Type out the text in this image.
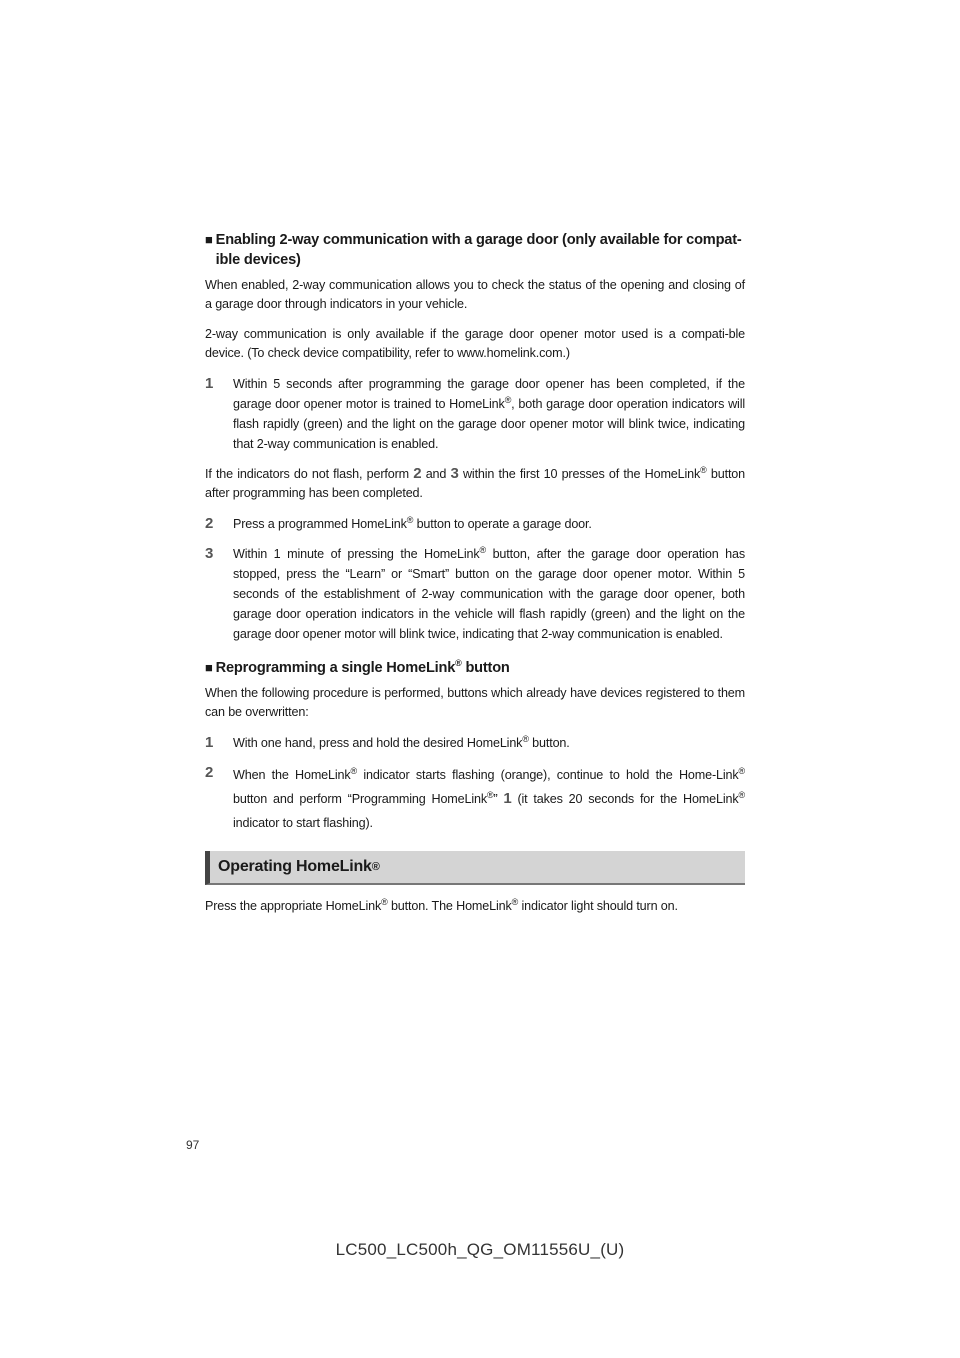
■ Enabling 2-way communication with a garage door (only available for compat-ible devices)

When enabled, 2-way communication allows you to check the status of the opening and closing of a garage door through indicators in your vehicle.

2-way communication is only available if the garage door opener motor used is a compati-ble device. (To check device compatibility, refer to www.homelink.com.)

1	Within 5 seconds after programming the garage door opener has been completed, if the garage door opener motor is trained to HomeLink®, both garage door operation indicators will flash rapidly (green) and the light on the garage door opener motor will blink twice, indicating that 2-way communication is enabled.

If the indicators do not flash, perform 2 and 3 within the first 10 presses of the HomeLink® button after programming has been completed.

2	Press a programmed HomeLink® button to operate a garage door.
3	Within 1 minute of pressing the HomeLink® button, after the garage door operation has stopped, press the “Learn” or “Smart” button on the garage door opener motor. Within 5 seconds of the establishment of 2-way communication with the garage door opener, both garage door operation indicators in the vehicle will flash rapidly (green) and the light on the garage door opener motor will blink twice, indicating that 2-way communication is enabled.
■ Reprogramming a single HomeLink® button

When the following procedure is performed, buttons which already have devices registered to them can be overwritten:

1	With one hand, press and hold the desired HomeLink® button.
2	When the HomeLink® indicator starts flashing (orange), continue to hold the Home-Link® button and perform “Programming HomeLink®” 1 (it takes 20 seconds for the HomeLink® indicator to start flashing).
Operating HomeLink ®

Press the appropriate HomeLink® button. The HomeLink® indicator light should turn on.

97
LC500_LC500h_QG_OM11556U_(U)
